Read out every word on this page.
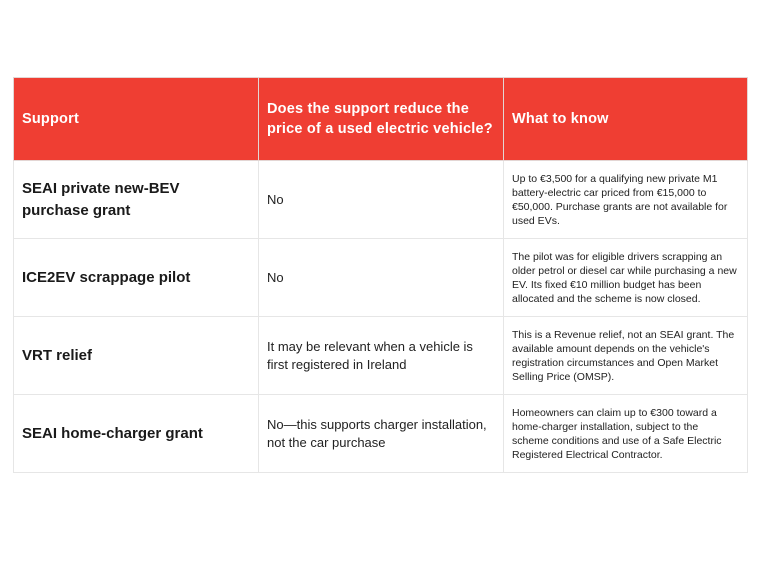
Support	Does the support reduce the price of a used electric vehicle?	What to know
SEAI private new-BEV purchase grant	No	Up to €3,500 for a qualifying new private M1 battery-electric car priced from €15,000 to €50,000. Purchase grants are not available for used EVs.
ICE2EV scrappage pilot	No	The pilot was for eligible drivers scrapping an older petrol or diesel car while purchasing a new EV. Its fixed €10 million budget has been allocated and the scheme is now closed.
VRT relief	It may be relevant when a vehicle is first registered in Ireland	This is a Revenue relief, not an SEAI grant. The available amount depends on the vehicle's registration circumstances and Open Market Selling Price (OMSP).
SEAI home-charger grant	No—this supports charger installation, not the car purchase	Homeowners can claim up to €300 toward a home-charger installation, subject to the scheme conditions and use of a Safe Electric Registered Electrical Contractor.
